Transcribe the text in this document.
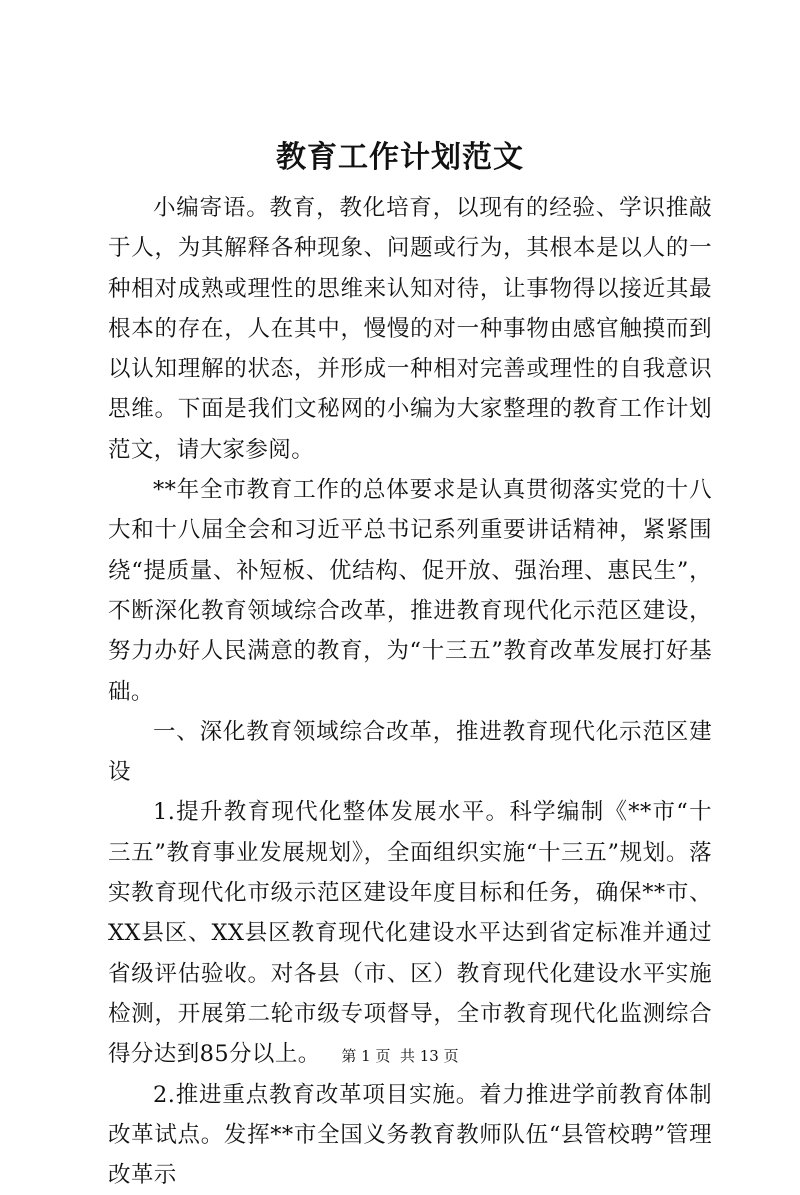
教育工作计划范文

小编寄语。教育，教化培育，以现有的经验、学识推敲于人，为其解释各种现象、问题或行为，其根本是以人的一种相对成熟或理性的思维来认知对待，让事物得以接近其最根本的存在，人在其中，慢慢的对一种事物由感官触摸而到以认知理解的状态，并形成一种相对完善或理性的自我意识思维。下面是我们文秘网的小编为大家整理的教育工作计划范文，请大家参阅。

**年全市教育工作的总体要求是认真贯彻落实党的十八大和十八届全会和习近平总书记系列重要讲话精神，紧紧围绕“提质量、补短板、优结构、促开放、强治理、惠民生”，不断深化教育领域综合改革，推进教育现代化示范区建设，努力办好人民满意的教育，为“十三五”教育改革发展打好基础。

一、深化教育领域综合改革，推进教育现代化示范区建设

1.提升教育现代化整体发展水平。科学编制《**市“十三五”教育事业发展规划》，全面组织实施“十三五”规划。落实教育现代化市级示范区建设年度目标和任务，确保**市、XX县区、XX县区教育现代化建设水平达到省定标准并通过省级评估验收。对各县（市、区）教育现代化建设水平实施检测，开展第二轮市级专项督导，全市教育现代化监测综合得分达到85分以上。

2.推进重点教育改革项目实施。着力推进学前教育体制改革试点。发挥**市全国义务教育教师队伍“县管校聘”管理改革示

第 1 页  共 13 页
